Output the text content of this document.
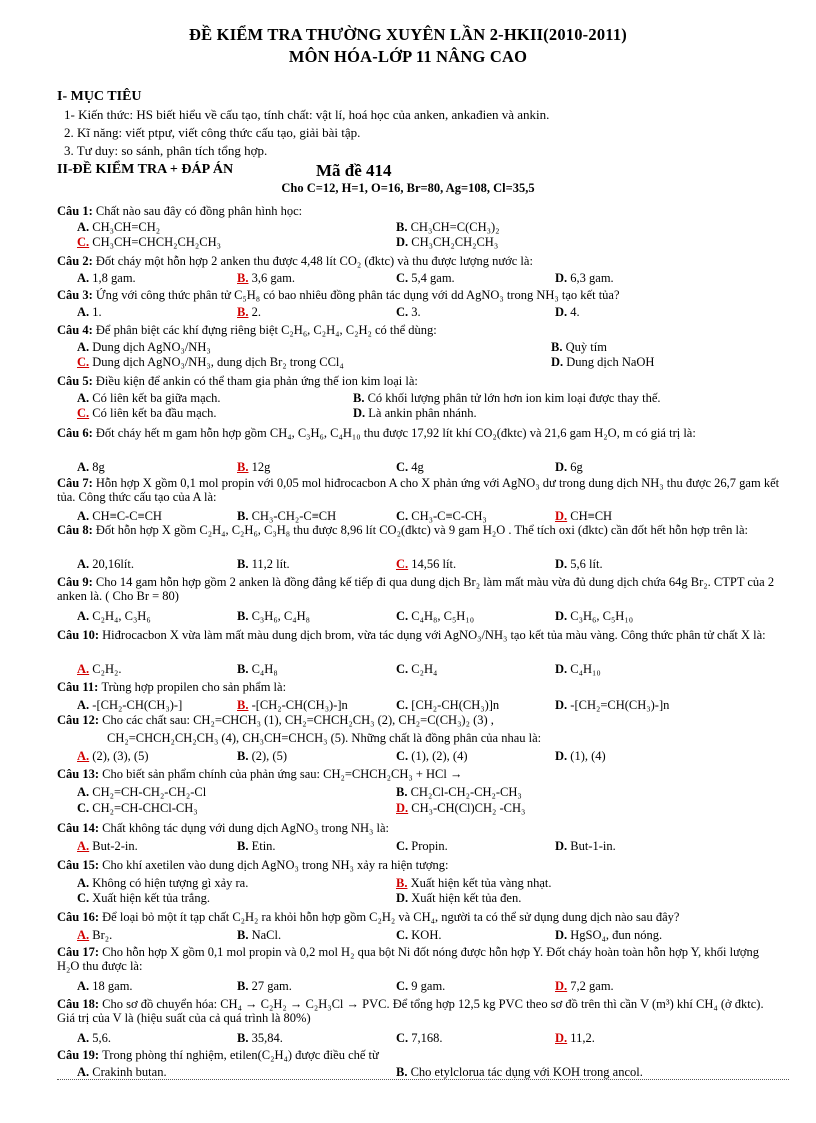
ĐỀ KIỂM TRA THƯỜNG XUYÊN LẦN 2-HKII(2010-2011)
MÔN HÓA-LỚP 11 NÂNG CAO
I- MỤC TIÊU
1- Kiến thức: HS biết hiểu về cấu tạo, tính chất: vật lí, hoá học của anken, ankađien và ankin.
2. Kĩ năng: viết ptpư, viết công thức cấu tạo, giải bài tập.
3. Tư duy: so sánh, phân tích tổng hợp.
II-ĐỀ KIỂM TRA + ĐÁP ÁN	Mã đề 414
Cho C=12, H=1, O=16, Br=80, Ag=108, Cl=35,5
Câu 1: Chất nào sau đây có đồng phân hình học:
A. CH₃CH=CH₂	B. CH₃CH=C(CH₃)₂
C. CH₃CH=CHCH₂CH₂CH₃	D. CH₃CH₂CH₂CH₃
Câu 2: Đốt cháy một hỗn hợp 2 anken thu được 4,48 lít CO₂ (đktc) và thu được lượng nước là:
A. 1,8 gam.	B. 3,6 gam.	C. 5,4 gam.	D. 6,3 gam.
Câu 3: Ứng với công thức phân tử C₅H₈ có bao nhiêu đồng phân tác dụng với dd AgNO₃ trong NH₃ tạo kết tủa?
A. 1.	B. 2.	C. 3.	D. 4.
Câu 4: Để phân biệt các khí đựng riêng biệt C₂H₆, C₂H₄, C₂H₂ có thể dùng:
A. Dung dịch AgNO₃/NH₃	B. Quỳ tím
C. Dung dịch AgNO₃/NH₃, dung dịch Br₂ trong CCl₄	D. Dung dịch NaOH
Câu 5: Điều kiện để ankin có thể tham gia phản ứng thế ion kim loại là:
A. Có liên kết ba giữa mạch.	B. Có khối lượng phân tử lớn hơn ion kim loại được thay thế.
C. Có liên kết ba đầu mạch.	D. Là ankin phân nhánh.
Câu 6: Đốt cháy hết m gam hỗn hợp gồm CH₄, C₃H₆, C₄H₁₀ thu được 17,92 lít khí CO₂(đktc) và 21,6 gam H₂O, m có giá trị là:
A. 8g	B. 12g	C. 4g	D. 6g
Câu 7: Hỗn hợp X gồm 0,1 mol propin với 0,05 mol hiđrocacbon A cho X phản ứng với AgNO₃ dư trong dung dịch NH₃ thu được 26,7 gam kết tủa. Công thức cấu tạo của A là:
A. CH≡C-C≡CH	B. CH₃-CH₂-C≡CH	C. CH₃-C≡C-CH₃	D. CH≡CH
Câu 8: Đốt hỗn hợp X gồm C₂H₄, C₂H₆, C₃H₈ thu được 8,96 lít CO₂(đktc) và 9 gam H₂O . Thể tích oxi (đktc) cần đốt hết hỗn hợp trên là:
A. 20,16lít.	B. 11,2 lít.	C. 14,56 lít.	D. 5,6 lít.
Câu 9: Cho 14 gam hỗn hợp gồm 2 anken là đồng đẳng kế tiếp đi qua dung dịch Br₂ làm mất màu vừa đủ dung dịch chứa 64g Br₂. CTPT của 2 anken là. ( Cho Br = 80)
A. C₂H₄, C₃H₆	B. C₃H₆, C₄H₈	C. C₄H₈, C₅H₁₀	D. C₃H₆, C₅H₁₀
Câu 10: Hiđrocacbon X vừa làm mất màu dung dịch brom, vừa tác dụng với AgNO₃/NH₃ tạo kết tủa màu vàng. Công thức phân tử chất X là:
A. C₂H₂.	B. C₄H₈	C. C₂H₄	D. C₄H₁₀
Câu 11: Trùng hợp propilen cho sản phẩm là:
A. -[CH₂-CH(CH₃)-]	B. -[CH₂-CH(CH₃)-]n	C. [CH₂-CH(CH₃)]n	D. -[CH₂=CH(CH₃)-]n
Câu 12: Cho các chất sau: CH₂=CHCH₃ (1), CH₂=CHCH₂CH₃ (2), CH₂=C(CH₃)₂ (3) ,
CH₂=CHCH₂CH₂CH₃ (4), CH₃CH=CHCH₃ (5). Những chất là đồng phân của nhau là:
A. (2), (3), (5)	B. (2), (5)	C. (1), (2), (4)	D. (1), (4)
Câu 13: Cho biết sản phẩm chính của phản ứng sau: CH₂=CHCH₂CH₃ + HCl →
A. CH₂=CH-CH₂-CH₂-Cl	B. CH₂Cl-CH₂-CH₂-CH₃
C. CH₂=CH-CHCl-CH₃	D. CH₃-CH(Cl)CH₂ -CH₃
Câu 14: Chất không tác dụng với dung dịch AgNO₃ trong NH₃ là:
A. But-2-in.	B. Etin.	C. Propin.	D. But-1-in.
Câu 15: Cho khí axetilen vào dung dịch AgNO₃ trong NH₃ xảy ra hiện tượng:
A. Không có hiện tượng gì xảy ra.	B. Xuất hiện kết tủa vàng nhạt.
C. Xuất hiện kết tủa trắng.	D. Xuất hiện kết tủa đen.
Câu 16: Để loại bỏ một ít tạp chất C₂H₂ ra khỏi hỗn hợp gồm C₂H₂ và CH₄, người ta có thể sử dụng dung dịch nào sau đây?
A. Br₂.	B. NaCl.	C. KOH.	D. HgSO₄, đun nóng.
Câu 17: Cho hỗn hợp X gồm 0,1 mol propin và 0,2 mol H₂ qua bột Ni đốt nóng được hỗn hợp Y. Đốt cháy hoàn toàn hỗn hợp Y, khối lượng H₂O thu được là:
A. 18 gam.	B. 27 gam.	C. 9 gam.	D. 7,2 gam.
Câu 18: Cho sơ đồ chuyển hóa: CH₄ → C₂H₂ → C₂H₃Cl → PVC. Để tổng hợp 12,5 kg PVC theo sơ đồ trên thì cần V (m³) khí CH₄ (ở đktc). Giá trị của V là (hiệu suất của cả quá trình là 80%)
A. 5,6.	B. 35,84.	C. 7,168.	D. 11,2.
Câu 19: Trong phòng thí nghiệm, etilen(C₂H₄) được điều chế từ
A. Crakinh butan.	B. Cho etylclorua tác dụng với KOH trong ancol.
